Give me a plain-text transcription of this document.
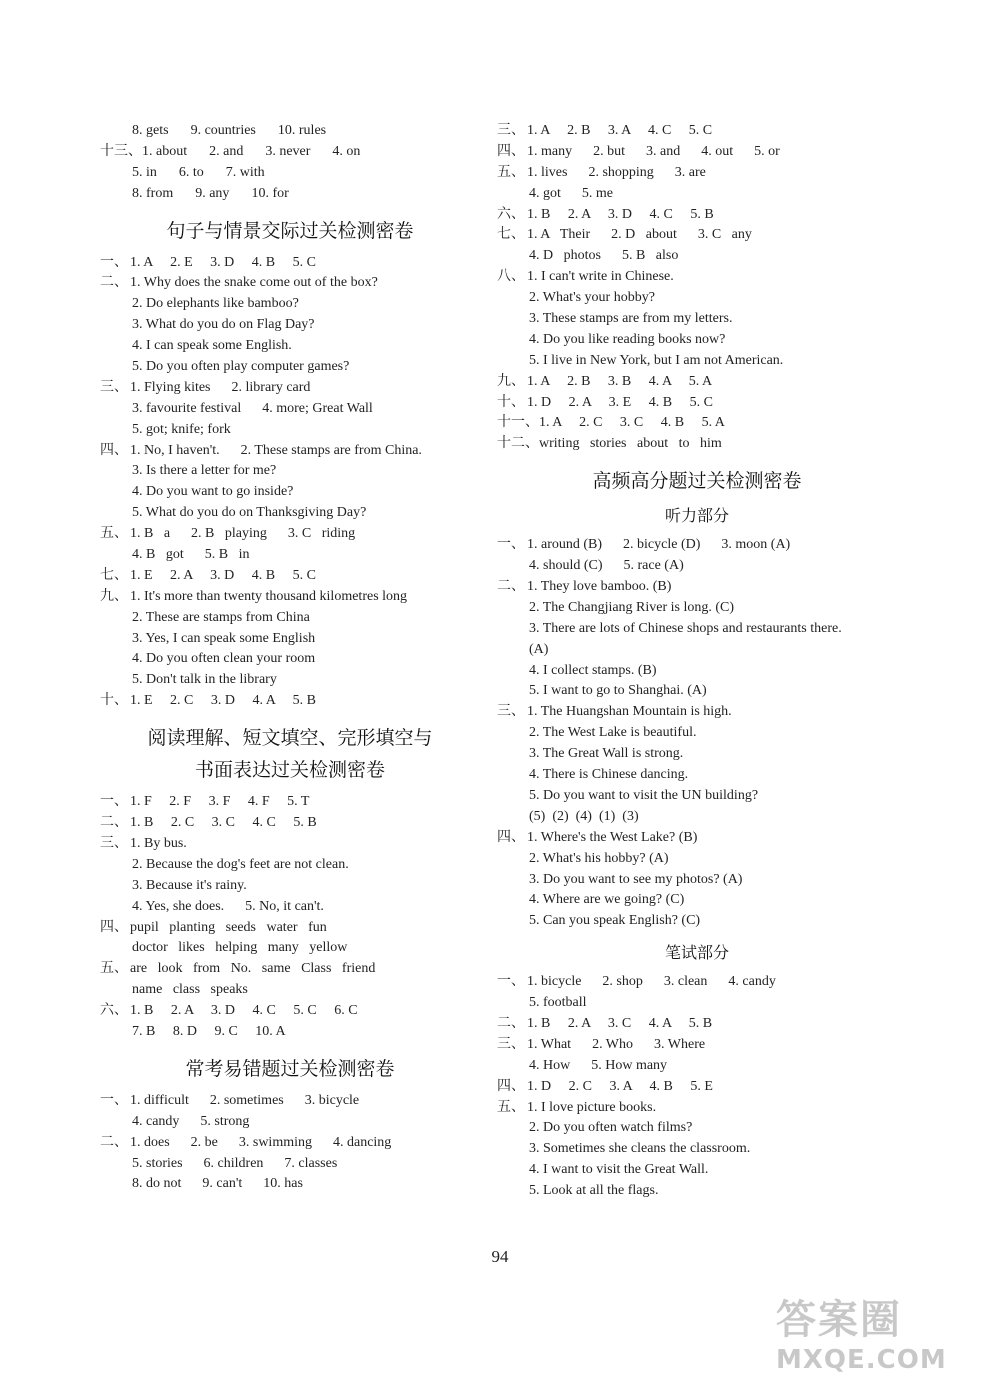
8. gets 9. countries 10. rules
十三、1. about 2. and 3. never 4. on
5. in 6. to 7. with
8. from 9. any 10. for
句子与情景交际过关检测密卷
一、 1. A     2. E     3. D     4. B     5. C
二、 1. Why does the snake come out of the box?
2. Do elephants like bamboo?
3. What do you do on Flag Day?
4. I can speak some English.
5. Do you often play computer games?
三、 1. Flying kites      2. library card
3. favourite festival      4. more; Great Wall
5. got; knife; fork
四、 1. No, I haven't.      2. These stamps are from China.
3. Is there a letter for me?
4. Do you want to go inside?
5. What do you do on Thanksgiving Day?
五、 1. B   a      2. B   playing      3. C   riding
4. B   got      5. B   in
七、 1. E     2. A     3. D     4. B     5. C
九、 1. It's more than twenty thousand kilometres long
2. These are stamps from China
3. Yes, I can speak some English
4. Do you often clean your room
5. Don't talk in the library
十、 1. E     2. C     3. D     4. A     5. B
阅读理解、短文填空、完形填空与
书面表达过关检测密卷
一、 1. F     2. F     3. F     4. F     5. T
二、 1. B     2. C     3. C     4. C     5. B
三、 1. By bus.
2. Because the dog's feet are not clean.
3. Because it's rainy.
4. Yes, she does.      5. No, it can't.
四、 pupil   planting   seeds   water   fun
doctor   likes   helping   many   yellow
五、 are   look   from   No.   same   Class   friend
name   class   speaks
六、 1. B     2. A     3. D     4. C     5. C     6. C
7. B     8. D     9. C     10. A
常考易错题过关检测密卷
一、 1. difficult      2. sometimes      3. bicycle
4. candy      5. strong
二、 1. does      2. be      3. swimming      4. dancing
5. stories      6. children      7. classes
8. do not      9. can't      10. has
三、 1. A     2. B     3. A     4. C     5. C
四、 1. many      2. but      3. and      4. out      5. or
五、 1. lives      2. shopping      3. are
4. got      5. me
六、 1. B     2. A     3. D     4. C     5. B
七、 1. A   Their      2. D   about      3. C   any
4. D   photos      5. B   also
八、 1. I can't write in Chinese.
2. What's your hobby?
3. These stamps are from my letters.
4. Do you like reading books now?
5. I live in New York, but I am not American.
九、 1. A     2. B     3. B     4. A     5. A
十、 1. D     2. A     3. E     4. B     5. C
十一、1. A     2. C     3. C     4. B     5. A
十二、writing   stories   about   to   him
高频高分题过关检测密卷
听力部分
一、 1. around (B)      2. bicycle (D)      3. moon (A)
4. should (C)      5. race (A)
二、 1. They love bamboo. (B)
2. The Changjiang River is long. (C)
3. There are lots of Chinese shops and restaurants there.
(A)
4. I collect stamps. (B)
5. I want to go to Shanghai. (A)
三、 1. The Huangshan Mountain is high.
2. The West Lake is beautiful.
3. The Great Wall is strong.
4. There is Chinese dancing.
5. Do you want to visit the UN building?
(5)  (2)  (4)  (1)  (3)
四、 1. Where's the West Lake? (B)
2. What's his hobby? (A)
3. Do you want to see my photos? (A)
4. Where are we going? (C)
5. Can you speak English? (C)
笔试部分
一、 1. bicycle      2. shop      3. clean      4. candy
5. football
二、 1. B     2. A     3. C     4. A     5. B
三、 1. What      2. Who      3. Where
4. How      5. How many
四、 1. D     2. C     3. A     4. B     5. E
五、 1. I love picture books.
2. Do you often watch films?
3. Sometimes she cleans the classroom.
4. I want to visit the Great Wall.
5. Look at all the flags.
94
答案圈
MXQE.COM
